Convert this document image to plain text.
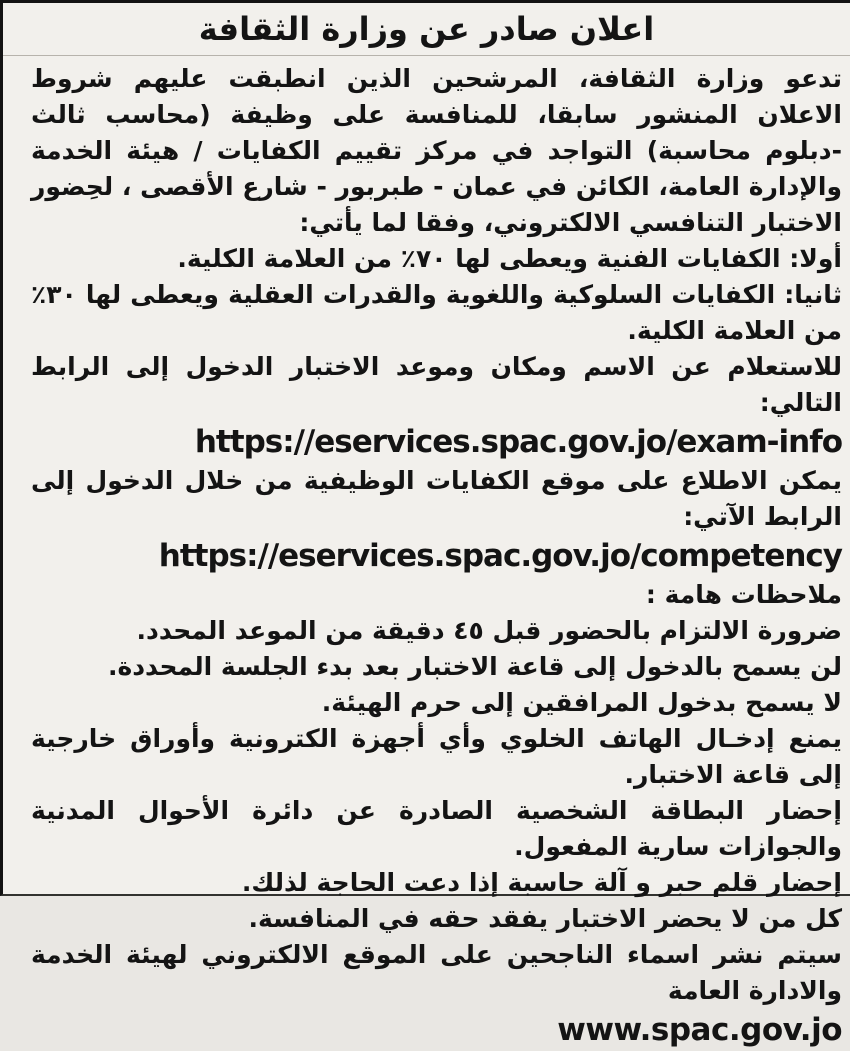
اعلان صادر عن وزارة الثقافة

تدعو وزارة الثقافة، المرشحين الذين انطبقت عليهم شروط الاعلان المنشور سابقا، للمنافسة على وظيفة (محاسب ثالث -دبلوم محاسبة) التواجد في مركز تقييم الكفايات / هيئة الخدمة والإدارة العامة، الكائن في عمان - طبربور - شارع الأقصى ، لحِضور الاختبار التنافسي الالكتروني، وفقا لما يأتي:

أولا: الكفايات الفنية ويعطى لها ٧٠٪ من العلامة الكلية.

ثانيا: الكفايات السلوكية واللغوية والقدرات العقلية ويعطى لها ٣٠٪ من العلامة الكلية.

للاستعلام عن الاسم ومكان وموعد الاختبار الدخول إلى الرابط التالي:

https://eservices.spac.gov.jo/exam-info

يمكن الاطلاع على موقع الكفايات الوظيفية من خلال الدخول إلى الرابط الآتي:

https://eservices.spac.gov.jo/competency

ملاحظات هامة :

ضرورة الالتزام بالحضور قبل ٤٥ دقيقة من الموعد المحدد.

لن يسمح بالدخول إلى قاعة الاختبار بعد بدء الجلسة المحددة.

لا يسمح بدخول المرافقين إلى حرم الهيئة.

يمنع إدخـال الهاتف الخلوي وأي أجهزة الكترونية وأوراق خارجية إلى قاعة الاختبار.

إحضار البطاقة الشخصية الصادرة عن دائرة الأحوال المدنية والجوازات سارية المفعول.

إحضار قلم حبر و آلة حاسبة إذا دعت الحاجة لذلك.

كل من لا يحضر الاختبار يفقد حقه في المنافسة.

سيتم نشر اسماء الناجحين على الموقع الالكتروني لهيئة الخدمة والادارة العامة

www.spac.gov.jo
